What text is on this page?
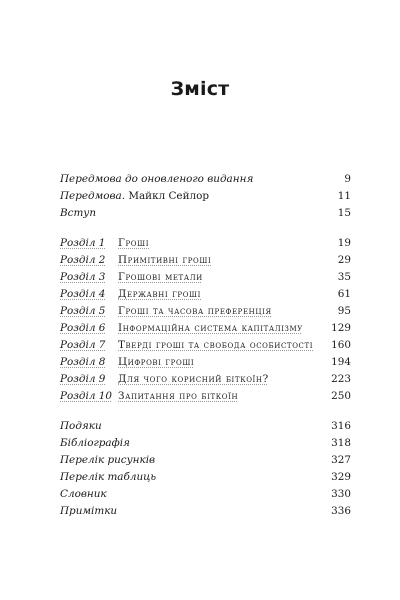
Зміст
Передмова до оновленого видання	9
Передмова. Майкл Сейлор	11
Вступ	15
Розділ 1 Гроші	19
Розділ 2 Примітивні гроші	29
Розділ 3 Грошові метали	35
Розділ 4 Державні гроші	61
Розділ 5 Гроші та часова преференція	95
Розділ 6 Інформаційна система капіталізму	129
Розділ 7 Тверді гроші та свобода особистості 160
Розділ 8 Цифрові гроші	194
Розділ 9 Для чого корисний біткоїн?	223
Розділ 10 Запитання про біткоїн	250
Подяки	316
Бібліографія	318
Перелік рисунків	327
Перелік таблиць	329
Словник	330
Примітки	336
